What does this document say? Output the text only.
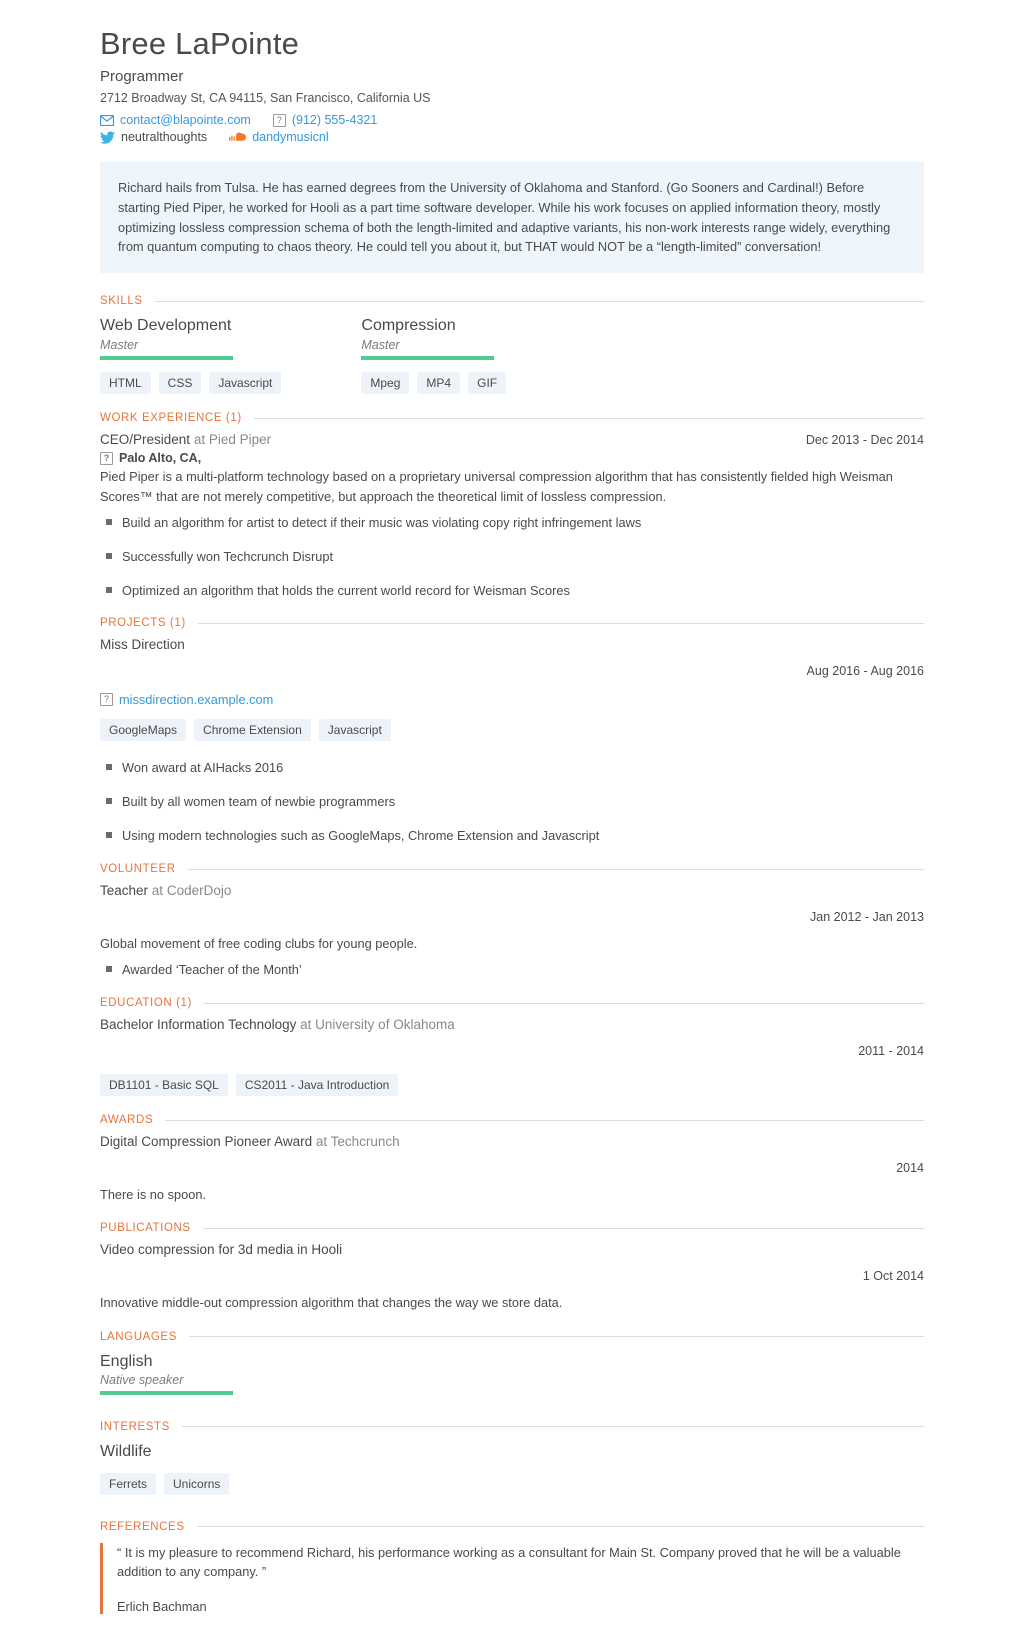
Bree LaPointe
Programmer
2712 Broadway St, CA 94115, San Francisco, California US
contact@blapointe.com	? (912) 555-4321
neutralthoughts	dandymusicnl
Richard hails from Tulsa. He has earned degrees from the University of Oklahoma and Stanford. (Go Sooners and Cardinal!) Before starting Pied Piper, he worked for Hooli as a part time software developer. While his work focuses on applied information theory, mostly optimizing lossless compression schema of both the length-limited and adaptive variants, his non-work interests range widely, everything from quantum computing to chaos theory. He could tell you about it, but THAT would NOT be a “length-limited” conversation!
SKILLS
Web Development
Master
HTML	CSS	Javascript
Compression
Master
Mpeg	MP4	GIF
WORK EXPERIENCE (1)
CEO/President at Pied Piper	Dec 2013 - Dec 2014
? Palo Alto, CA,
Pied Piper is a multi-platform technology based on a proprietary universal compression algorithm that has consistently fielded high Weisman Scores™ that are not merely competitive, but approach the theoretical limit of lossless compression.
Build an algorithm for artist to detect if their music was violating copy right infringement laws
Successfully won Techcrunch Disrupt
Optimized an algorithm that holds the current world record for Weisman Scores
PROJECTS (1)
Miss Direction
Aug 2016 - Aug 2016
? missdirection.example.com
GoogleMaps	Chrome Extension	Javascript
Won award at AIHacks 2016
Built by all women team of newbie programmers
Using modern technologies such as GoogleMaps, Chrome Extension and Javascript
VOLUNTEER
Teacher at CoderDojo
Jan 2012 - Jan 2013
Global movement of free coding clubs for young people.
Awarded ‘Teacher of the Month’
EDUCATION (1)
Bachelor Information Technology at University of Oklahoma
2011 - 2014
DB1101 - Basic SQL	CS2011 - Java Introduction
AWARDS
Digital Compression Pioneer Award at Techcrunch
2014
There is no spoon.
PUBLICATIONS
Video compression for 3d media in Hooli
1 Oct 2014
Innovative middle-out compression algorithm that changes the way we store data.
LANGUAGES
English
Native speaker
INTERESTS
Wildlife
Ferrets	Unicorns
REFERENCES
“ It is my pleasure to recommend Richard, his performance working as a consultant for Main St. Company proved that he will be a valuable addition to any company. ”
Erlich Bachman
